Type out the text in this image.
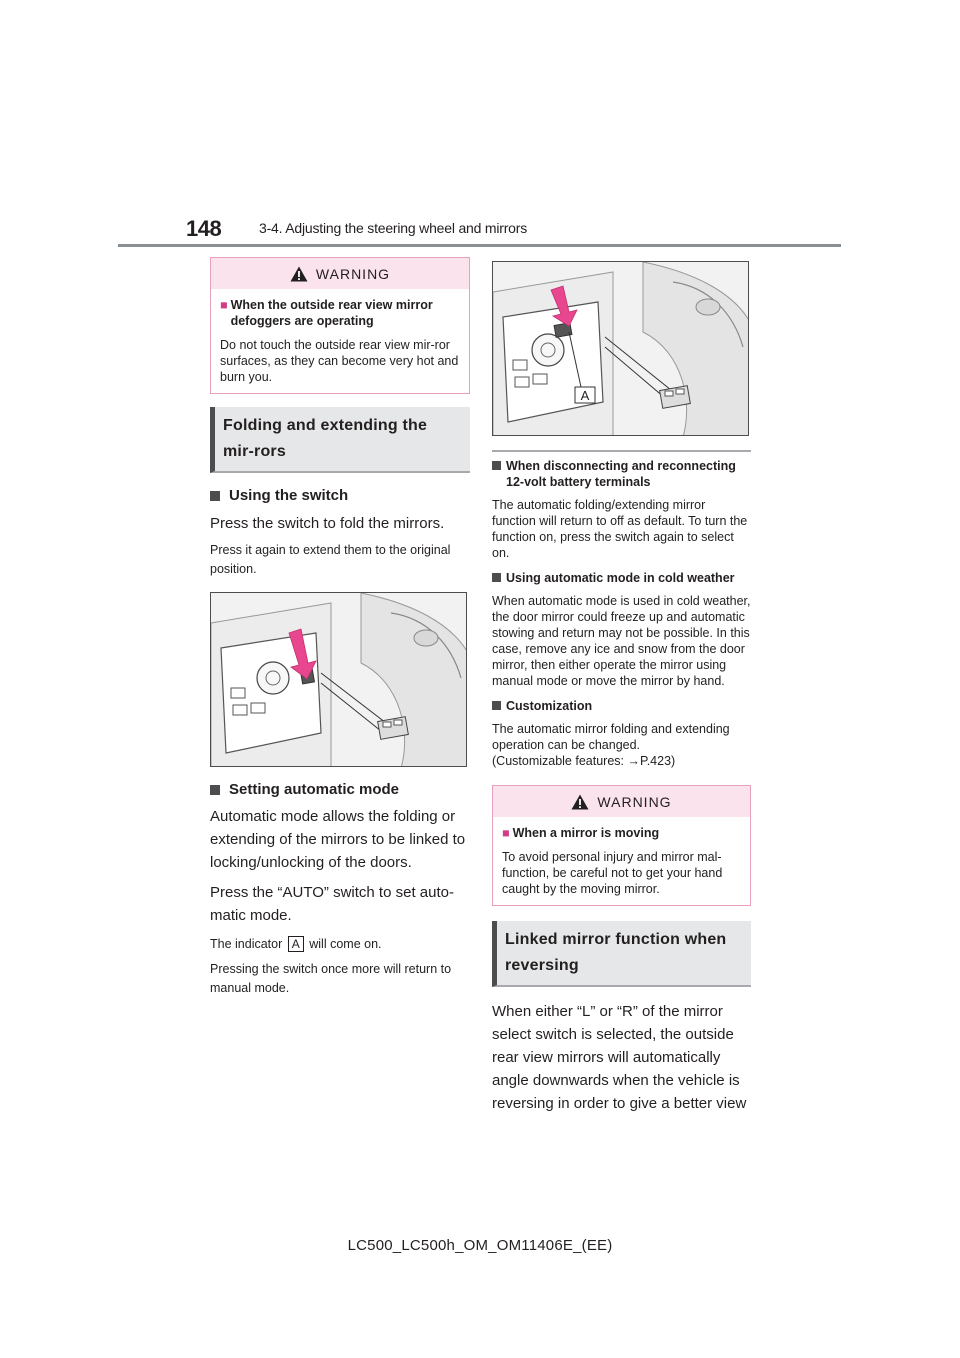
148	3-4. Adjusting the steering wheel and mirrors
WARNING
■ When the outside rear view mirror defoggers are operating
Do not touch the outside rear view mir-ror surfaces, as they can become very hot and burn you.
Folding and extending the mir-rors
Using the switch
Press the switch to fold the mirrors.
Press it again to extend them to the original position.
Setting automatic mode
Automatic mode allows the folding or extending of the mirrors to be linked to locking/unlocking of the doors.
Press the “AUTO” switch to set auto-matic mode.
The indicator A will come on.
Pressing the switch once more will return to manual mode.
A
When disconnecting and reconnecting 12-volt battery terminals
The automatic folding/extending mirror function will return to off as default. To turn the function on, press the switch again to select on.
Using automatic mode in cold weather
When automatic mode is used in cold weather, the door mirror could freeze up and automatic stowing and return may not be possible. In this case, remove any ice and snow from the door mirror, then either operate the mirror using manual mode or move the mirror by hand.
Customization
The automatic mirror folding and extending operation can be changed.
(Customizable features: →P.423)
WARNING
■ When a mirror is moving
To avoid personal injury and mirror mal-function, be careful not to get your hand caught by the moving mirror.
Linked mirror function when reversing
When either “L” or “R” of the mirror select switch is selected, the outside rear view mirrors will automatically angle downwards when the vehicle is reversing in order to give a better view
LC500_LC500h_OM_OM11406E_(EE)
